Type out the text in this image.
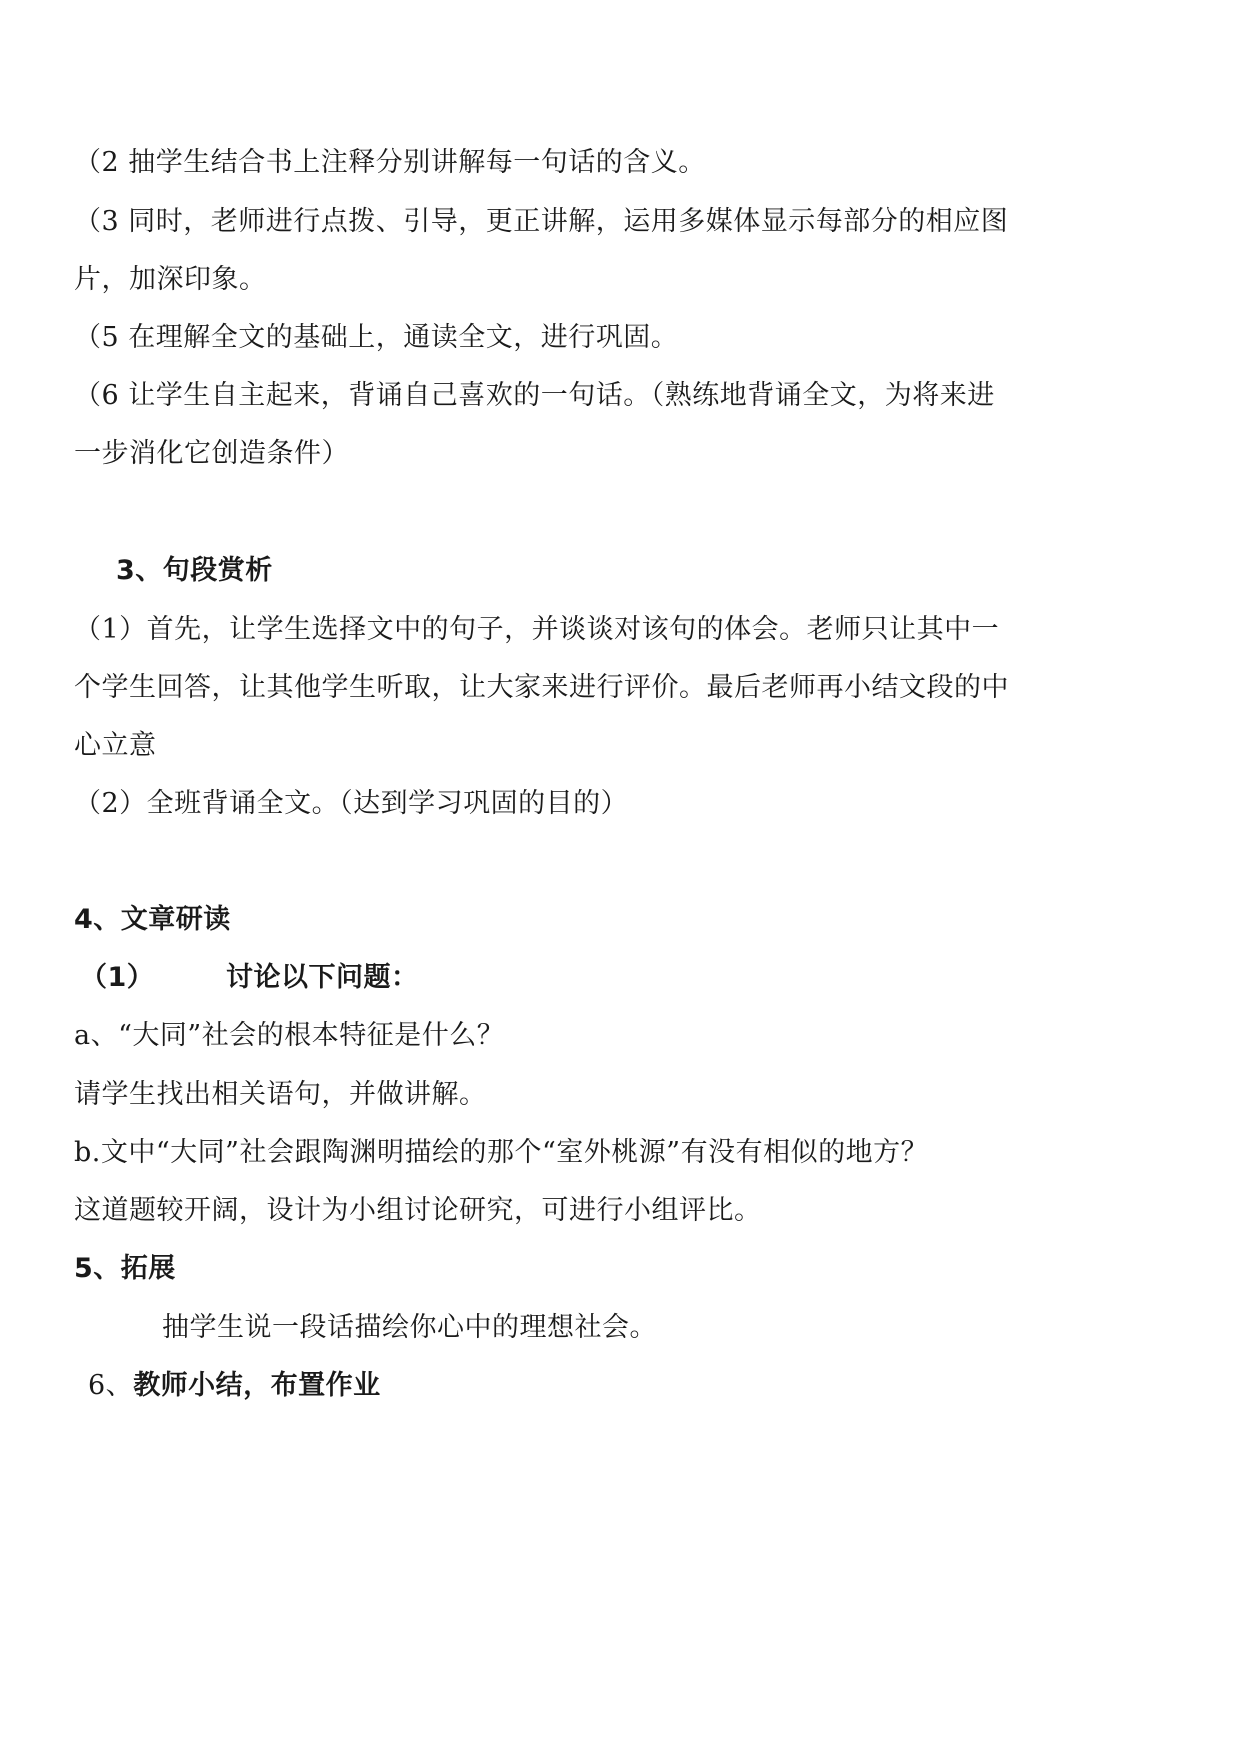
（2 抽学生结合书上注释分别讲解每一句话的含义。
（3 同时，老师进行点拨、引导，更正讲解，运用多媒体显示每部分的相应图
片，加深印象。
（5 在理解全文的基础上，通读全文，进行巩固。
（6 让学生自主起来，背诵自己喜欢的一句话。（熟练地背诵全文，为将来进
一步消化它创造条件）
3、句段赏析
（1）首先，让学生选择文中的句子，并谈谈对该句的体会。老师只让其中一
个学生回答，让其他学生听取，让大家来进行评价。最后老师再小结文段的中
心立意
（2）全班背诵全文。（达到学习巩固的目的）
4、文章研读
（1）	讨论以下问题：
a、“大同”社会的根本特征是什么？
请学生找出相关语句，并做讲解。
b.文中“大同”社会跟陶渊明描绘的那个“室外桃源”有没有相似的地方？
这道题较开阔，设计为小组讨论研究，可进行小组评比。
5、拓展
抽学生说一段话描绘你心中的理想社会。
6、教师小结，布置作业
